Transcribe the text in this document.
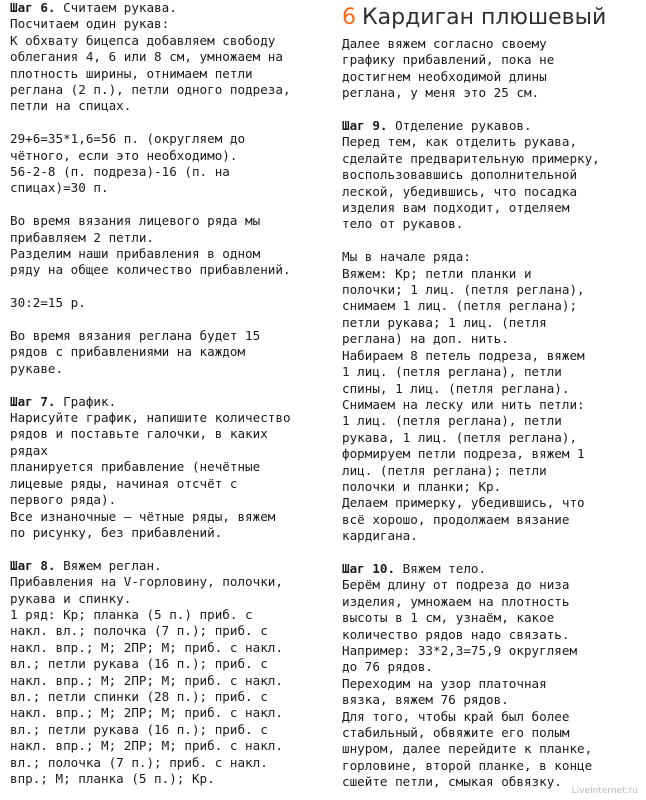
Шаг 6. Считаем рукава.

Посчитаем один рукав:

К обхвату бицепса добавляем свободу

облегания 4, 6 или 8 см, умножаем на

плотность ширины, отнимаем петли

реглана (2 п.), петли одного подреза,

петли на спицах.

29+6=35*1,6=56 п. (округляем до

чётного, если это необходимо).

56-2-8 (п. подреза)-16 (п. на

спицах)=30 п.

Во время вязания лицевого ряда мы

прибавляем 2 петли.

Разделим наши прибавления в одном

ряду на общее количество прибавлений.

30:2=15 р.

Во время вязания реглана будет 15

рядов с прибавлениями на каждом

рукаве.

Шаг 7. График.

Нарисуйте график, напишите количество

рядов и поставьте галочки, в каких

рядах

планируется прибавление (нечётные

лицевые ряды, начиная отсчёт с

первого ряда).

Все изнаночные – чётные ряды, вяжем

по рисунку, без прибавлений.

Шаг 8. Вяжем реглан.

Прибавления на V-горловину, полочки,

рукава и спинку.

1 ряд: Кр; планка (5 п.) приб. с

накл. вл.; полочка (7 п.); приб. с

накл. впр.; М; 2ПР; М; приб. с накл.

вл.; петли рукава (16 п.); приб. с

накл. впр.; М; 2ПР; М; приб. с накл.

вл.; петли спинки (28 п.); приб. с

накл. впр.; М; 2ПР; М; приб. с накл.

вл.; петли рукава (16 п.); приб. с

накл. впр.; М; 2ПР; М; приб. с накл.

вл.; полочка (7 п.); приб. с накл.

впр.; М; планка (5 п.); Кр.

6 Кардиган плюшевый

Далее вяжем согласно своему

графику прибавлений, пока не

достигнем необходимой длины

реглана, у меня это 25 см.

Шаг 9. Отделение рукавов.

Перед тем, как отделить рукава,

сделайте предварительную примерку,

воспользовавшись дополнительной

леской, убедившись, что посадка

изделия вам подходит, отделяем

тело от рукавов.

Мы в начале ряда:

Вяжем: Кр; петли планки и

полочки; 1 лиц. (петля реглана),

снимаем 1 лиц. (петля реглана);

петли рукава; 1 лиц. (петля

реглана) на доп. нить.

Набираем 8 петель подреза, вяжем

1 лиц. (петля реглана), петли

спины, 1 лиц. (петля реглана).

Снимаем на леску или нить петли:

1 лиц. (петля реглана), петли

рукава, 1 лиц. (петля реглана),

формируем петли подреза, вяжем 1

лиц. (петля реглана); петли

полочки и планки; Кр.

Делаем примерку, убедившись, что

всё хорошо, продолжаем вязание

кардигана.

Шаг 10. Вяжем тело.

Берём длину от подреза до низа

изделия, умножаем на плотность

высоты в 1 см, узнаём, какое

количество рядов надо связать.

Например: 33*2,3=75,9 округляем

до 76 рядов.

Переходим на узор платочная

вязка, вяжем 76 рядов.

Для того, чтобы край был более

стабильный, обвяжите его полым

шнуром, далее перейдите к планке,

горловине, второй планке, в конце

сшейте петли, смыкая обвязку.

LiveInternet.ru
